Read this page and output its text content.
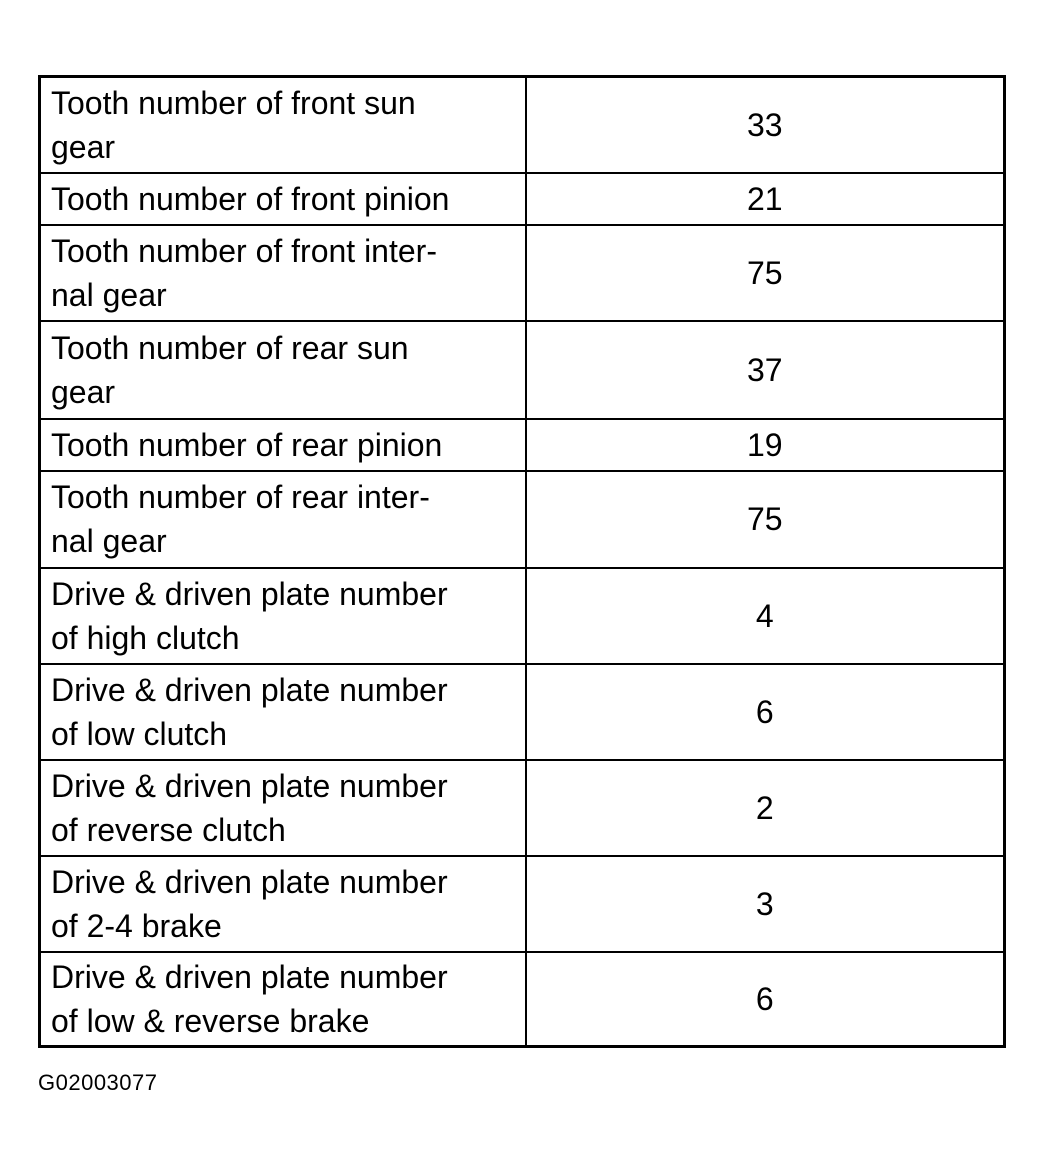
Tooth number of front sun
gear	33

Tooth number of front pinion	21

Tooth number of front inter-
nal gear	75

Tooth number of rear sun
gear	37

Tooth number of rear pinion	19

Tooth number of rear inter-
nal gear	75

Drive & driven plate number
of high clutch	4

Drive & driven plate number
of low clutch	6

Drive & driven plate number
of reverse clutch	2

Drive & driven plate number
of 2-4 brake	3

Drive & driven plate number
of low & reverse brake	6
G02003077
